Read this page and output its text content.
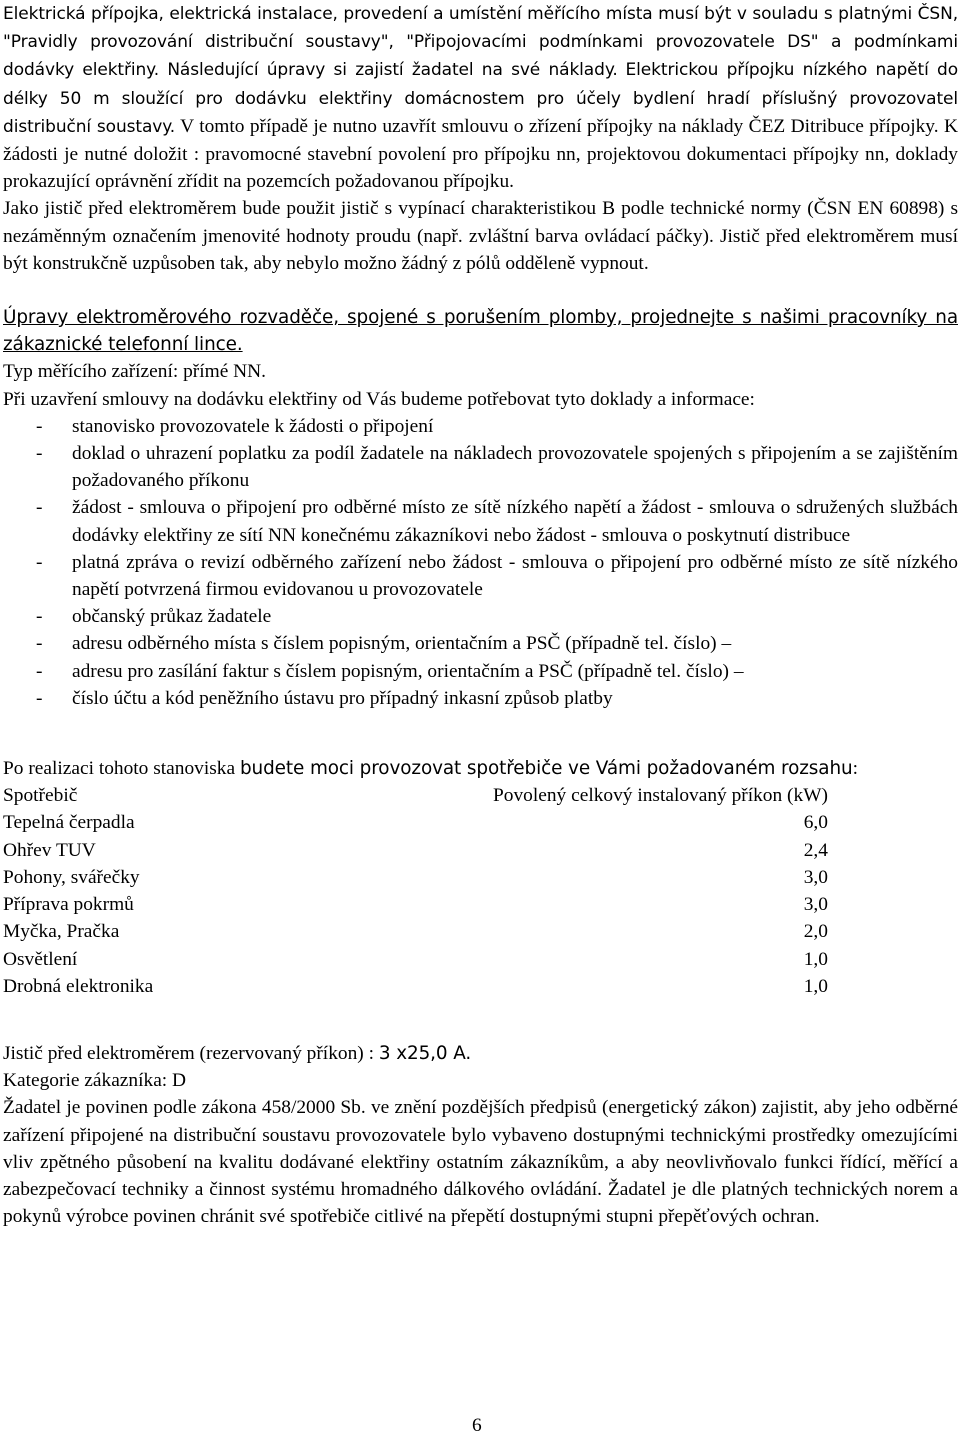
Elektrická přípojka, elektrická instalace, provedení a umístění měřícího místa musí být v souladu s platnými ČSN, "Pravidly provozování distribuční soustavy", "Připojovacími podmínkami provozovatele DS" a podmínkami dodávky elektřiny. Následující úpravy si zajistí žadatel na své náklady. Elektrickou přípojku nízkého napětí do délky 50 m sloužící pro dodávku elektřiny domácnostem pro účely bydlení hradí příslušný provozovatel distribuční soustavy. V tomto případě je nutno uzavřít smlouvu o zřízení přípojky na náklady ČEZ Ditribuce přípojky. K žádosti je nutné doložit : pravomocné stavební povolení pro přípojku nn, projektovou dokumentaci přípojky nn, doklady prokazující oprávnění zřídit na pozemcích požadovanou přípojku.

Jako jistič před elektroměrem bude použit jistič s vypínací charakteristikou B podle technické normy (ČSN EN 60898) s nezáměnným označením jmenovité hodnoty proudu (např. zvláštní barva ovládací páčky). Jistič před elektroměrem musí být konstrukčně uzpůsoben tak, aby nebylo možno žádný z pólů odděleně vypnout.

Úpravy elektroměrového rozvaděče, spojené s porušením plomby, projednejte s našimi pracovníky na zákaznické telefonní lince.

Typ měřícího zařízení: přímé NN.

Při uzavření smlouvy na dodávku elektřiny od Vás budeme potřebovat tyto doklady a informace:

- stanovisko provozovatele k žádosti o připojení
- doklad o uhrazení poplatku za podíl žadatele na nákladech provozovatele spojených s připojením a se zajištěním požadovaného příkonu
- žádost - smlouva o připojení pro odběrné místo ze sítě nízkého napětí a žádost - smlouva o sdružených službách dodávky elektřiny ze sítí NN konečnému zákazníkovi nebo žádost - smlouva o poskytnutí distribuce
- platná zpráva o revizí odběrného zařízení nebo žádost - smlouva o připojení pro odběrné místo ze sítě nízkého napětí potvrzená firmou evidovanou u provozovatele
- občanský průkaz žadatele
- adresu odběrného místa s číslem popisným, orientačním a PSČ (případně tel. číslo) –
- adresu pro zasílání faktur s číslem popisným, orientačním a PSČ (případně tel. číslo) –
- číslo účtu a kód peněžního ústavu pro případný inkasní způsob platby

Po realizaci tohoto stanoviska budete moci provozovat spotřebiče ve Vámi požadovaném rozsahu:

Spotřebič	Povolený celkový instalovaný příkon (kW)
Tepelná čerpadla	6,0
Ohřev TUV	2,4
Pohony, svářečky	3,0
Příprava pokrmů	3,0
Myčka, Pračka	2,0
Osvětlení	1,0
Drobná elektronika	1,0

Jistič před elektroměrem (rezervovaný příkon) : 3 x25,0 A.

Kategorie zákazníka: D

Žadatel je povinen podle zákona 458/2000 Sb. ve znění pozdějších předpisů (energetický zákon) zajistit, aby jeho odběrné zařízení připojené na distribuční soustavu provozovatele bylo vybaveno dostupnými technickými prostředky omezujícími vliv zpětného působení na kvalitu dodávané elektřiny ostatním zákazníkům, a aby neovlivňovalo funkci řídící, měřící a zabezpečovací techniky a činnost systému hromadného dálkového ovládání. Žadatel je dle platných technických norem a pokynů výrobce povinen chránit své spotřebiče citlivé na přepětí dostupnými stupni přepěťových ochran.

6
